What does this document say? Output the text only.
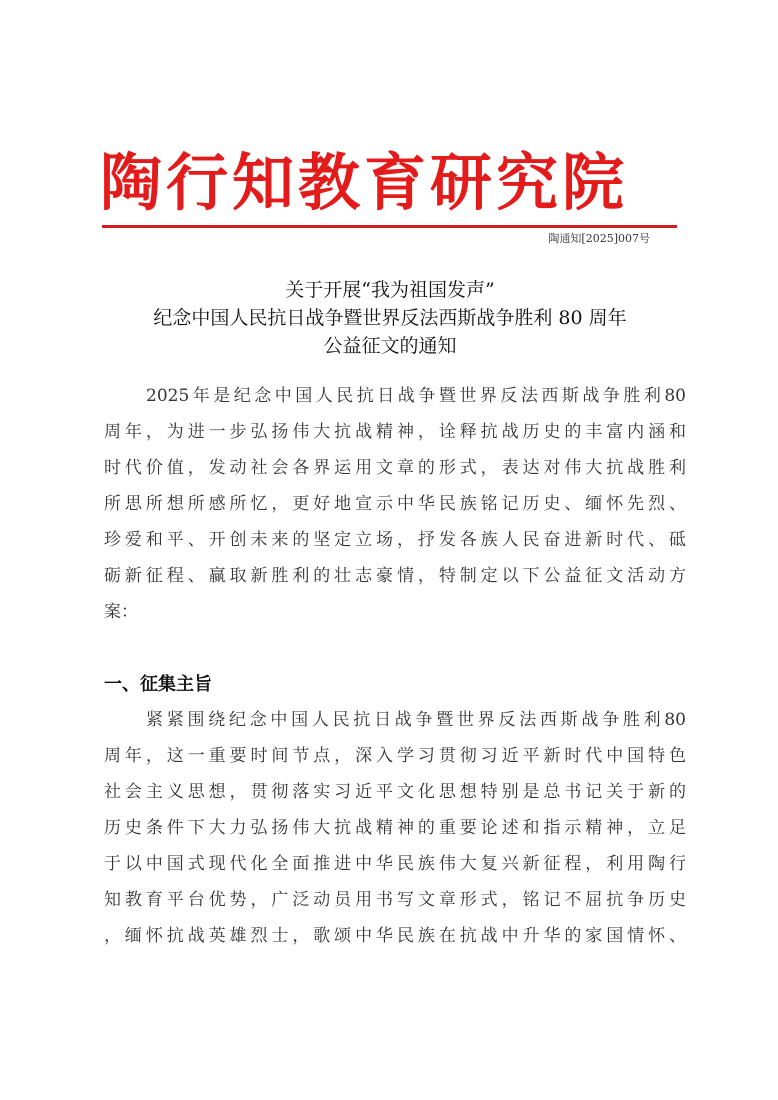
陶行知教育研究院
陶通知[2025]007号
关于开展“我为祖国发声”
纪念中国人民抗日战争暨世界反法西斯战争胜利 80 周年
公益征文的通知
2025年是纪念中国人民抗日战争暨世界反法西斯战争胜利80
周年，为进一步弘扬伟大抗战精神，诠释抗战历史的丰富内涵和
时代价值，发动社会各界运用文章的形式，表达对伟大抗战胜利
所思所想所感所忆，更好地宣示中华民族铭记历史、缅怀先烈、
珍爱和平、开创未来的坚定立场，抒发各族人民奋进新时代、砥
砺新征程、赢取新胜利的壮志豪情，特制定以下公益征文活动方
案：
一、征集主旨
紧紧围绕纪念中国人民抗日战争暨世界反法西斯战争胜利80
周年，这一重要时间节点，深入学习贯彻习近平新时代中国特色
社会主义思想，贯彻落实习近平文化思想特别是总书记关于新的
历史条件下大力弘扬伟大抗战精神的重要论述和指示精神，立足
于以中国式现代化全面推进中华民族伟大复兴新征程，利用陶行
知教育平台优势，广泛动员用书写文章形式，铭记不屈抗争历史
，缅怀抗战英雄烈士，歌颂中华民族在抗战中升华的家国情怀、
